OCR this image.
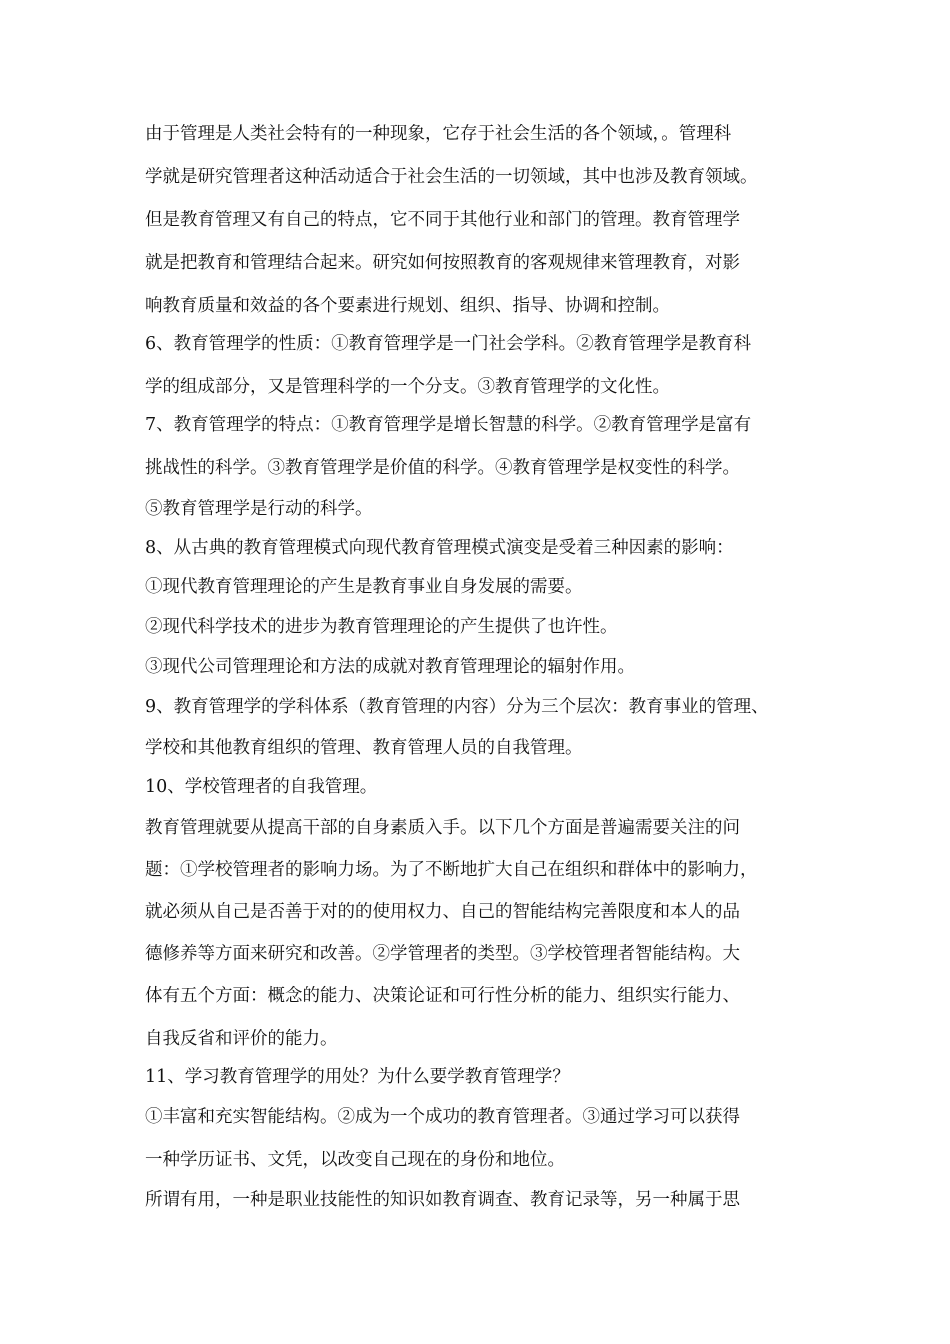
由于管理是人类社会特有的一种现象，它存于社会生活的各个领域，。管理科
学就是研究管理者这种活动适合于社会生活的一切领域，其中也涉及教育领域。
但是教育管理又有自己的特点，它不同于其他行业和部门的管理。教育管理学
就是把教育和管理结合起来。研究如何按照教育的客观规律来管理教育，对影
响教育质量和效益的各个要素进行规划、组织、指导、协调和控制。
6、教育管理学的性质：①教育管理学是一门社会学科。②教育管理学是教育科
学的组成部分，又是管理科学的一个分支。③教育管理学的文化性。
7、教育管理学的特点：①教育管理学是增长智慧的科学。②教育管理学是富有
挑战性的科学。③教育管理学是价值的科学。④教育管理学是权变性的科学。
⑤教育管理学是行动的科学。
8、从古典的教育管理模式向现代教育管理模式演变是受着三种因素的影响：
①现代教育管理理论的产生是教育事业自身发展的需要。
②现代科学技术的进步为教育管理理论的产生提供了也许性。
③现代公司管理理论和方法的成就对教育管理理论的辐射作用。
9、教育管理学的学科体系（教育管理的内容）分为三个层次：教育事业的管理、
学校和其他教育组织的管理、教育管理人员的自我管理。
10、学校管理者的自我管理。
教育管理就要从提高干部的自身素质入手。以下几个方面是普遍需要关注的问
题：①学校管理者的影响力场。为了不断地扩大自己在组织和群体中的影响力，
就必须从自己是否善于对的的使用权力、自己的智能结构完善限度和本人的品
德修养等方面来研究和改善。②学管理者的类型。③学校管理者智能结构。大
体有五个方面：概念的能力、决策论证和可行性分析的能力、组织实行能力、
自我反省和评价的能力。
11、学习教育管理学的用处？为什么要学教育管理学？
①丰富和充实智能结构。②成为一个成功的教育管理者。③通过学习可以获得
一种学历证书、文凭，以改变自己现在的身份和地位。
所谓有用，一种是职业技能性的知识如教育调查、教育记录等，另一种属于思
